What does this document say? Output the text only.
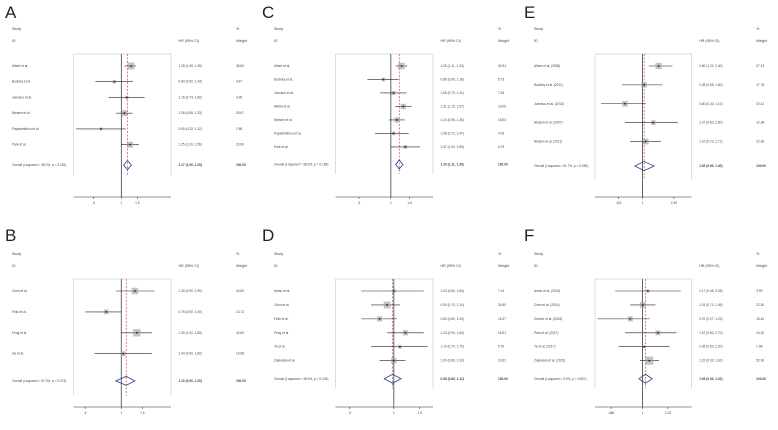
A
Study	%
ID	HR (95% CI)	Weight
Albert et al.	1.28 (1.08, 1.45)	35.60
Buckley et al.	0.84 (0.52, 1.34)	4.67
Joensuu et al.	1.15 (0.73, 1.80)	4.95
Nielsen et al.	1.08 (0.88, 1.33)	25.67
Papadimitriou et al.	0.60 (0.32, 1.12)	2.58
Park et al.	1.25 (1.00, 1.56)	23.90
Overall (I-squared = 38.0%, p = 0.152)	1.17 (1.06, 1.29)	100.00
.5	1	1.5
B
Study	%
ID	HR (95% CI)	Weight
Chen et al.	1.30 (0.90, 1.90)	30.60
Felix et al.	0.75 (0.50, 1.00)	13.72
Feng et al.	1.35 (1.00, 1.80)	42.60
Ge et al.	1.04 (0.60, 1.80)	13.08
Overall (I-squared = 57.0%, p = 0.073)	1.10 (0.90, 1.30)	100.00
.5	1	1.5
C
Study	%
ID	HR (95% CI)	Weight
Albert et al.	1.26 (1.11, 1.43)	30.94
Buckley et al.	0.85 (0.60, 1.18)	5.73
Joensuu et al.	1.06 (0.79, 1.41)	7.63
Mehta et al.	1.31 (1.10, 1.57)	18.05
Nielsen et al.	1.14 (0.96, 1.35)	18.53
Papadimitriou et al.	1.06 (0.71, 1.47)	4.93
Park et al.	1.37 (1.00, 1.89)	6.79
Overall (I-squared = 38.0%, p = 0.138)	1.20 (1.11, 1.30)	100.00
.5	1	1.5
D
Study	%
ID	HR (95% CI)	Weight
Aresu et al.	1.00 (0.60, 1.60)	7.14
Chen et al.	0.90 (0.70, 1.10)	34.60
Felix et al.	0.80 (0.60, 1.05)	16.37
Feng et al.	1.20 (0.90, 1.60)	16.51
Ye et al.	1.10 (0.70, 1.70)	5.70
Zalewska et al.	1.00 (0.80, 1.20)	19.62
Overall (I-squared = 48.0%, p = 0.104)	0.98 (0.86, 1.12)	100.00
.5	1	1.5
E
Study	%
ID	HR (95% CI)	Weight
Albert et al. (2008)	1.60 (1.20, 2.40)	27.13
Buckley et al. (2011)	1.05 (0.55, 1.80)	17.78
Joensuu et al. (2013)	0.60 (0.30, 1.10)	20.41
Nielsen et al. (2007)	1.37 (0.60, 2.80)	12.38
Nielsen et al. (2011)	1.10 (0.70, 1.71)	22.30
Overall (I-squared = 51.7%, p = 0.082)	1.05 (0.80, 1.40)	100.00
.401	1	2.49
F
Study	%
ID	HR (95% CI)	Weight
Aresu et al. (2014)	1.17 (0.45, 3.05)	3.99
Chen et al. (2016)	1.01 (0.70, 1.46)	22.30
Gómez et al. (2016)	0.70 (0.27, 1.23)	15.40
Park et al. (2017)	1.57 (0.60, 2.70)	14.20
Ye et al. (2017)	1.05 (0.50, 2.20)	1.98
Zalewska et al. (2015)	1.22 (0.93, 1.62)	52.90
Overall (I-squared = 0.0%, p = 0.807)	1.09 (0.90, 1.33)	100.00
.466	1	2.15
